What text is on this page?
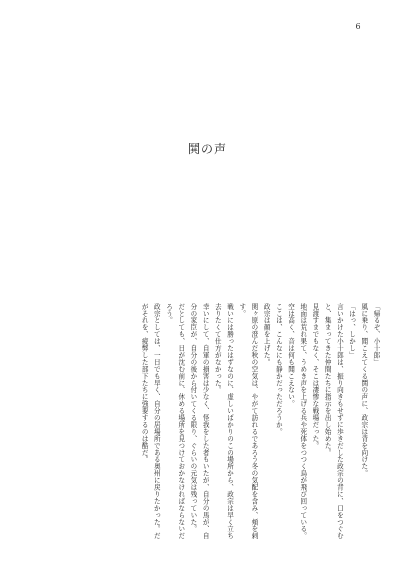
6
鬨の声

「帰るぞ、小十郎」

風に乗り、聞こえてくる鬨の声に、政宗は背を向けた。

「はっ、しかし」

言いかけた小十郎は、振り向きもせずに歩きだした政宗の背に、口をつぐむと、集まってきた仲間たちに指示を出し始めた。

見渡すまでもなく、そこは凄惨な戦場だった。

地面は荒れ果て、うめき声を上げる兵や死体をつつく鳥が飛び回っている。

空は高く、音は何も聞こえない。

ここは、こんなにも静かだっただろうか。

政宗は顔を上げた。

関ヶ原の澄んだ秋の空気は、やがて訪れるであろう冬の気配を含み、頬を刺す。

戦いには勝ったはずなのに、虚しいばかりのこの場所から、政宗は早く立ち去りたくて仕方がなかった。

幸いにして、自軍の損害は少なく、怪我をした者もいたが、自分の馬が、自分の家臣が、自分の後から付いてくる限り、ぐらいの元気は残っていた。

だとしても、日が沈む前に、休める場所を見つけておかなければならないだろう。

政宗としては、一日でも早く、自分の居場所である奥州に戻りたかった。だがそれを、疲弊した部下たちに強要するのは酷だ。
